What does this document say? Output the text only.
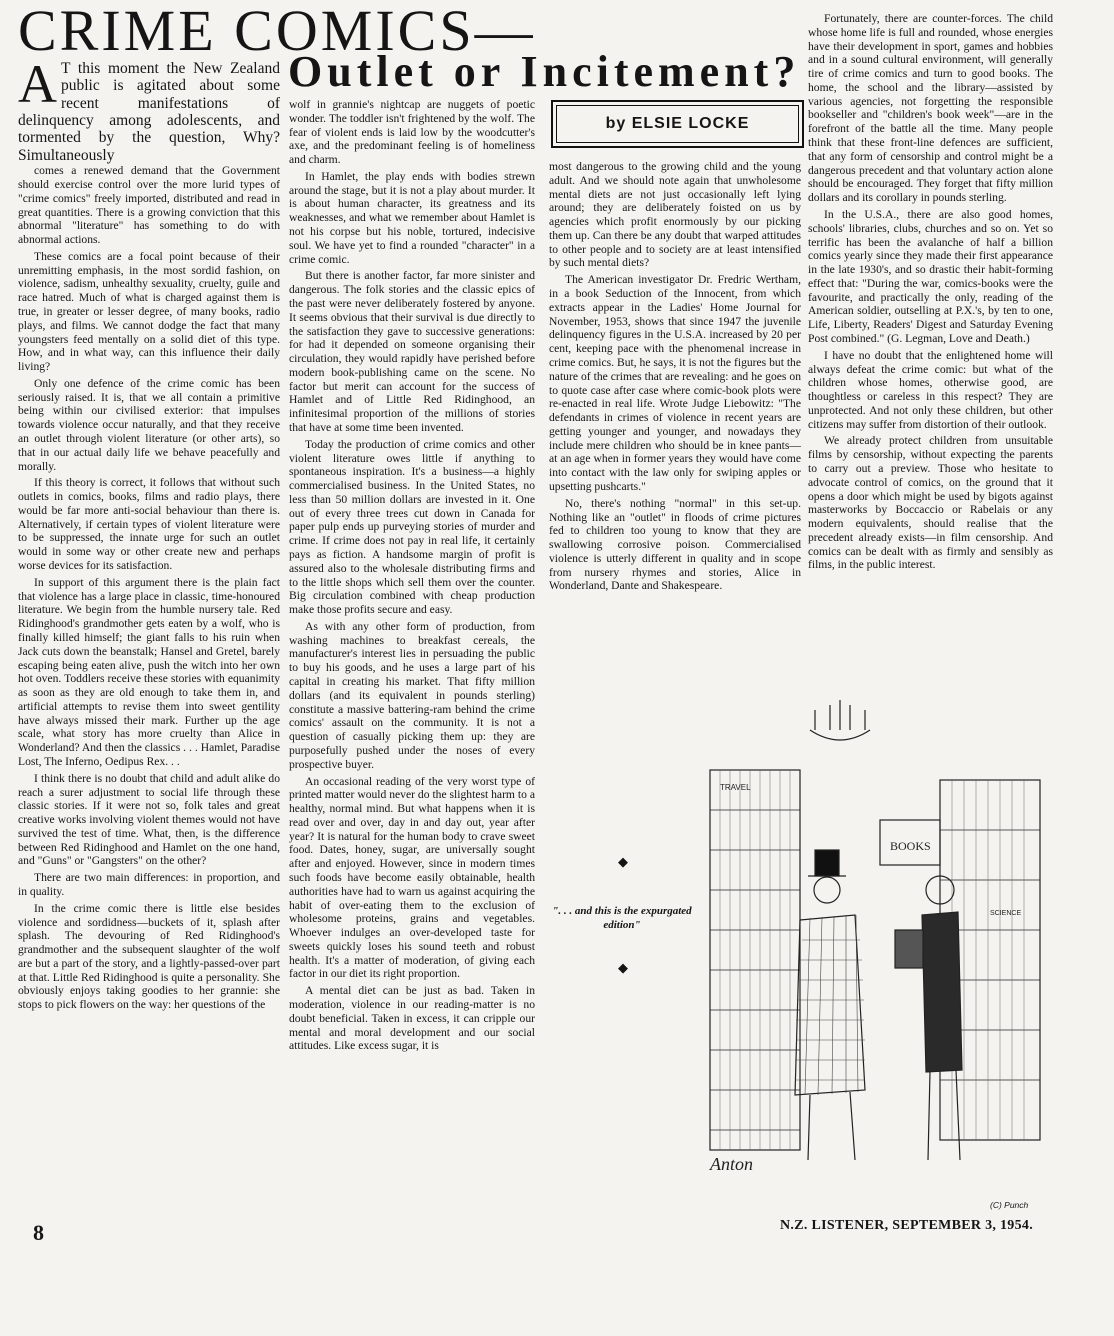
CRIME COMICS—
Outlet or Incitement?
by ELSIE LOCKE
A T this moment the New Zealand public is agitated about some recent manifestations of delinquency among adolescents, and tormented by the question, Why? Simultaneously

comes a renewed demand that the Government should exercise control over the more lurid types of "crime comics" freely imported, distributed and read in great quantities. There is a growing conviction that this abnormal "literature" has something to do with abnormal actions.

These comics are a focal point because of their unremitting emphasis, in the most sordid fashion, on violence, sadism, unhealthy sexuality, cruelty, guile and race hatred. Much of what is charged against them is true, in greater or lesser degree, of many books, radio plays, and films. We cannot dodge the fact that many youngsters feed mentally on a solid diet of this type. How, and in what way, can this influence their daily living?

Only one defence of the crime comic has been seriously raised. It is, that we all contain a primitive being within our civilised exterior: that impulses towards violence occur naturally, and that they receive an outlet through violent literature (or other arts), so that in our actual daily life we behave peacefully and morally.

If this theory is correct, it follows that without such outlets in comics, books, films and radio plays, there would be far more anti-social behaviour than there is. Alternatively, if certain types of violent literature were to be suppressed, the innate urge for such an outlet would in some way or other create new and perhaps worse devices for its satisfaction.

In support of this argument there is the plain fact that violence has a large place in classic, time-honoured literature. We begin from the humble nursery tale. Red Ridinghood's grandmother gets eaten by a wolf, who is finally killed himself; the giant falls to his ruin when Jack cuts down the beanstalk; Hansel and Gretel, barely escaping being eaten alive, push the witch into her own hot oven. Toddlers receive these stories with equanimity as soon as they are old enough to take them in, and artificial attempts to revise them into sweet gentility have always missed their mark. Further up the age scale, what story has more cruelty than Alice in Wonderland? And then the classics . . . Hamlet, Paradise Lost, The Inferno, Oedipus Rex. . .

I think there is no doubt that child and adult alike do reach a surer adjustment to social life through these classic stories. If it were not so, folk tales and great creative works involving violent themes would not have survived the test of time. What, then, is the difference between Red Ridinghood and Hamlet on the one hand, and "Guns" or "Gangsters" on the other?

There are two main differences: in proportion, and in quality.

In the crime comic there is little else besides violence and sordidness—buckets of it, splash after splash. The devouring of Red Ridinghood's grandmother and the subsequent slaughter of the wolf are but a part of the story, and a lightly-passed-over part at that. Little Red Ridinghood is quite a personality. She obviously enjoys taking goodies to her grannie: she stops to pick flowers on the way: her questions of the

wolf in grannie's nightcap are nuggets of poetic wonder. The toddler isn't frightened by the wolf. The fear of violent ends is laid low by the woodcutter's axe, and the predominant feeling is of homeliness and charm.

In Hamlet, the play ends with bodies strewn around the stage, but it is not a play about murder. It is about human character, its greatness and its weaknesses, and what we remember about Hamlet is not his corpse but his noble, tortured, indecisive soul. We have yet to find a rounded "character" in a crime comic.

But there is another factor, far more sinister and dangerous. The folk stories and the classic epics of the past were never deliberately fostered by anyone. It seems obvious that their survival is due directly to the satisfaction they gave to successive generations: for had it depended on someone organising their circulation, they would rapidly have perished before modern book-publishing came on the scene. No factor but merit can account for the success of Hamlet and of Little Red Ridinghood, an infinitesimal proportion of the millions of stories that have at some time been invented.

Today the production of crime comics and other violent literature owes little if anything to spontaneous inspiration. It's a business—a highly commercialised business. In the United States, no less than 50 million dollars are invested in it. One out of every three trees cut down in Canada for paper pulp ends up purveying stories of murder and crime. If crime does not pay in real life, it certainly pays as fiction. A handsome margin of profit is assured also to the wholesale distributing firms and to the little shops which sell them over the counter. Big circulation combined with cheap production make those profits secure and easy.

As with any other form of production, from washing machines to breakfast cereals, the manufacturer's interest lies in persuading the public to buy his goods, and he uses a large part of his capital in creating his market. That fifty million dollars (and its equivalent in pounds sterling) constitute a massive battering-ram behind the crime comics' assault on the community. It is not a question of casually picking them up: they are purposefully pushed under the noses of every prospective buyer.

An occasional reading of the very worst type of printed matter would never do the slightest harm to a healthy, normal mind. But what happens when it is read over and over, day in and day out, year after year? It is natural for the human body to crave sweet food. Dates, honey, sugar, are universally sought after and enjoyed. However, since in modern times such foods have become easily obtainable, health authorities have had to warn us against acquiring the habit of over-eating them to the exclusion of wholesome proteins, grains and vegetables. Whoever indulges an over-developed taste for sweets quickly loses his sound teeth and robust health. It's a matter of moderation, of giving each factor in our diet its right proportion.

A mental diet can be just as bad. Taken in moderation, violence in our reading-matter is no doubt beneficial. Taken in excess, it can cripple our mental and moral development and our social attitudes. Like excess sugar, it is

most dangerous to the growing child and the young adult. And we should note again that unwholesome mental diets are not just occasionally left lying around; they are deliberately foisted on us by agencies which profit enormously by our picking them up. Can there be any doubt that warped attitudes to other people and to society are at least intensified by such mental diets?

The American investigator Dr. Fredric Wertham, in a book Seduction of the Innocent, from which extracts appear in the Ladies' Home Journal for November, 1953, shows that since 1947 the juvenile delinquency figures in the U.S.A. increased by 20 per cent, keeping pace with the phenomenal increase in crime comics. But, he says, it is not the figures but the nature of the crimes that are revealing: and he goes on to quote case after case where comic-book plots were re-enacted in real life. Wrote Judge Liebowitz: "The defendants in crimes of violence in recent years are getting younger and younger, and nowadays they include mere children who should be in knee pants—at an age when in former years they would have come into contact with the law only for swiping apples or upsetting pushcarts."

No, there's nothing "normal" in this set-up. Nothing like an "outlet" in floods of crime pictures fed to children too young to know that they are swallowing corrosive poison. Commercialised violence is utterly different in quality and in scope from nursery rhymes and stories, Alice in Wonderland, Dante and Shakespeare.

Fortunately, there are counter-forces. The child whose home life is full and rounded, whose energies have their development in sport, games and hobbies and in a sound cultural environment, will generally tire of crime comics and turn to good books. The home, the school and the library—assisted by various agencies, not forgetting the responsible bookseller and "children's book week"—are in the forefront of the battle all the time. Many people think that these front-line defences are sufficient, that any form of censorship and control might be a dangerous precedent and that voluntary action alone should be encouraged. They forget that fifty million dollars and its corollary in pounds sterling.

In the U.S.A., there are also good homes, schools' libraries, clubs, churches and so on. Yet so terrific has been the avalanche of half a billion comics yearly since they made their first appearance in the late 1930's, and so drastic their habit-forming effect that: "During the war, comics-books were the favourite, and practically the only, reading of the American soldier, outselling at P.X.'s, by ten to one, Life, Liberty, Readers' Digest and Saturday Evening Post combined." (G. Legman, Love and Death.)

I have no doubt that the enlightened home will always defeat the crime comic: but what of the children whose homes, otherwise good, are thoughtless or careless in this respect? They are unprotected. And not only these children, but other citizens may suffer from distortion of their outlook.

We already protect children from unsuitable films by censorship, without expecting the parents to carry out a preview. Those who hesitate to advocate control of comics, on the ground that it opens a door which might be used by bigots against masterworks by Boccaccio or Rabelais or any modern equivalents, should realise that the precedent already exists—in film censorship. And comics can be dealt with as firmly and sensibly as films, in the public interest.

BOOKS
TRAVEL
SCIENCE
Anton
◆
". . . and this is the expurgated edition"
◆
(C) Punch
N.Z. LISTENER, SEPTEMBER 3, 1954.
8
